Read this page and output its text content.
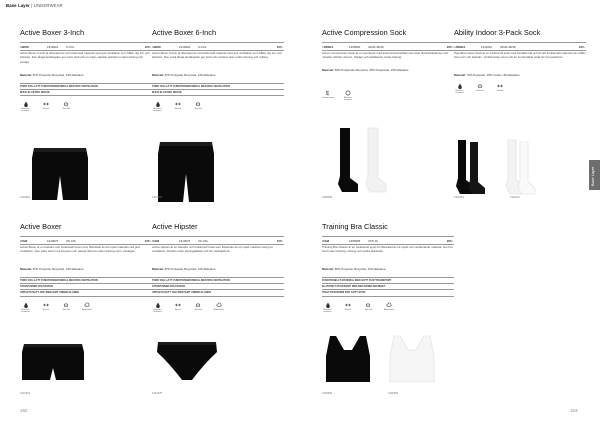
Base Layer | UNDERWEAR
Active Boxer 3-Inch
HERR	1910901	S-XXL	165:-
Active Boxer 3-Inch är tillverkad av ett funktionellt material med god ventilation som håller dig torr och bekväm. Den långa benlängden ger extra stöd och en mjuk, elastisk passform under träning och vardag.
Material: 87% Polyester Recycled, 13% Elastane
TORR OCH LÄTT FUNKTIONSMATERIAL MED BRA VENTILATION
MJUK ELASTISK RESÅR
Moisture transport
Stretch	Soft feel
1910901
Active Boxer 6-Inch
HERR	1910902	S-XXL	165:-
Active Boxer 6-Inch är tillverkad av ett funktionellt material med god ventilation som håller dig torr och bekväm. Den extra långa benlängden ger stöd och minskar skav under löpning och cykling.
Material: 87% Polyester Recycled, 13% Elastane
TORR OCH LÄTT FUNKTIONSMATERIAL MED BRA VENTILATION
MJUK ELASTISK RESÅR
Moisture transport
Stretch	Soft feel
1910902
Active Compression Sock
UNISEX	1905950	34/36-46/48	295:-
Active Compression Sock är en sportsock med kompressionseffekt som ökar blodcirkulationen och minskar trötthet i benen. Stödjer och stabiliserar under träning.
Material: 60% Polyamide Recycled, 25% Polyamide, 15% Elastane
Compression	Moisture transport
1905950
Ability Indoor 3-Pack Sock
UNISEX	1911610	34/36-46/48	195:-
Populära Indoor Sock är en funktionell sock med förstärkt häl och tå. Ett funktionellt material som håller foten torr och bekväm. Ventilerande zoner och en komfortabel resår för bra passform.
Material: 74% Polyester, 18% Cotton, 8% Elastane
Moisture transport
Soft feel	Stretch
1911610	1911610
Active Boxer
DAM	1910676	XS-XXL	165:-
Active Boxer är en bekväm och funktionell boxer som tillverkats av ett mjukt material med god ventilation. Den sitter skönt mot kroppen och passar lika bra under träning som i vardagen.
Material: 87% Polyester Recycled, 13% Elastane
TORR OCH LÄTT FUNKTIONSMATERIAL MED BRA VENTILATION
ÅTERVUNNEN POLYESTER
UPPLEVS RÄTT OCH BEKVÄMT UNDER KLÄDER
Moisture transport
Stretch	Soft feel	Breathable
1910676
Active Hipster
DAM	1910675	XS-XXL	155:-
Active Hipster är en bekväm och funktionell trosa som tillverkats av ett mjukt material med god ventilation. Perfekt under träningskläder och för vardagsbruk.
Material: 87% Polyester Recycled, 13% Elastane
TORR OCH LÄTT FUNKTIONSMATERIAL MED BRA VENTILATION
ÅTERVUNNEN POLYESTER
UPPLEVS RÄTT OCH BEKVÄMT UNDER KLÄDER
Moisture transport
Stretch	Soft feel	Breathable
1910675
Training Bra Classic
DAM	1906955	XXS-XL	265:-
Training Bra Classic är en funktionell sport-bh tillverkad av ett mjukt och ventilerande material. Ger bra stöd under löpning, träning och andra aktiviteter.
Material: 85% Polyester Recycled, 15% Elastane
FUNKTIONELLT MATERIAL MED GOTT FUKTTRANSPORT
ELASTISKT RYGGPARTI MED BRA RÖRELSEFRIHET
TIGHT PASSFORM FÖR GOTT STÖD
Moisture transport
Stretch	Soft feel	Breathable
1906955	1906955
162	163
Base Layer
